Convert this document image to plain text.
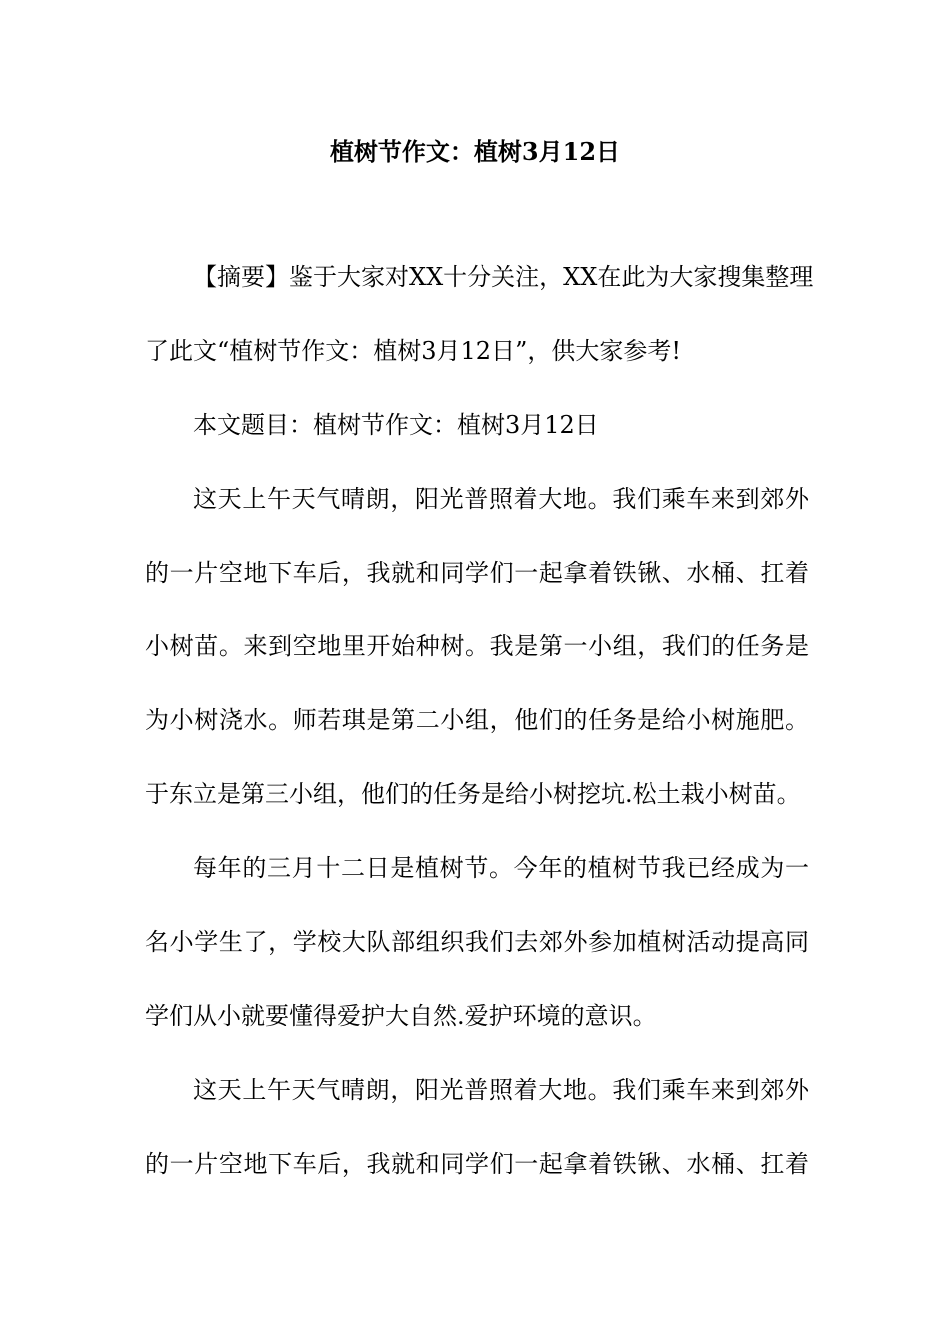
植树节作文：植树3月12日
【摘要】鉴于大家对XX十分关注，XX在此为大家搜集整理
了此文“植树节作文：植树3月12日”，供大家参考!
本文题目：植树节作文：植树3月12日
这天上午天气晴朗，阳光普照着大地。我们乘车来到郊外
的一片空地下车后，我就和同学们一起拿着铁锹、水桶、扛着
小树苗。来到空地里开始种树。我是第一小组，我们的任务是
为小树浇水。师若琪是第二小组，他们的任务是给小树施肥。
于东立是第三小组，他们的任务是给小树挖坑.松土栽小树苗。
每年的三月十二日是植树节。今年的植树节我已经成为一
名小学生了，学校大队部组织我们去郊外参加植树活动提高同
学们从小就要懂得爱护大自然.爱护环境的意识。
这天上午天气晴朗，阳光普照着大地。我们乘车来到郊外
的一片空地下车后，我就和同学们一起拿着铁锹、水桶、扛着
